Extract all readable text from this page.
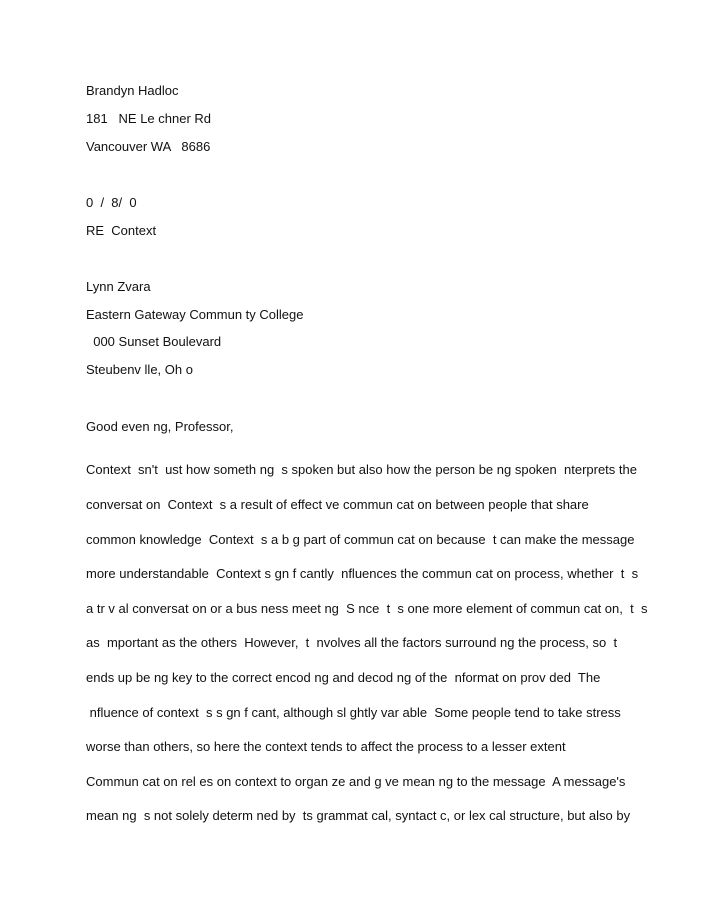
Brandyn Hadloc
181   NE Le chner Rd
Vancouver WA   8686
0  /  8/  0
RE  Context
Lynn Zvara
Eastern Gateway Commun ty College
000 Sunset Boulevard
Steubenv lle, Oh o
Good even ng, Professor,
Context  sn't  ust how someth ng  s spoken but also how the person be ng spoken  nterprets the
conversat on  Context  s a result of effect ve commun cat on between people that share
common knowledge  Context  s a b g part of commun cat on because  t can make the message
more understandable  Context s gn f cantly  nfluences the commun cat on process, whether  t  s
a tr v al conversat on or a bus ness meet ng  S nce  t  s one more element of commun cat on,  t  s
as  mportant as the others  However,  t  nvolves all the factors surround ng the process, so  t
ends up be ng key to the correct encod ng and decod ng of the  nformat on prov ded  The
nfluence of context  s s gn f cant, although sl ghtly var able  Some people tend to take stress
worse than others, so here the context tends to affect the process to a lesser extent
Commun cat on rel es on context to organ ze and g ve mean ng to the message  A message's
mean ng  s not solely determ ned by  ts grammat cal, syntact c, or lex cal structure, but also by
